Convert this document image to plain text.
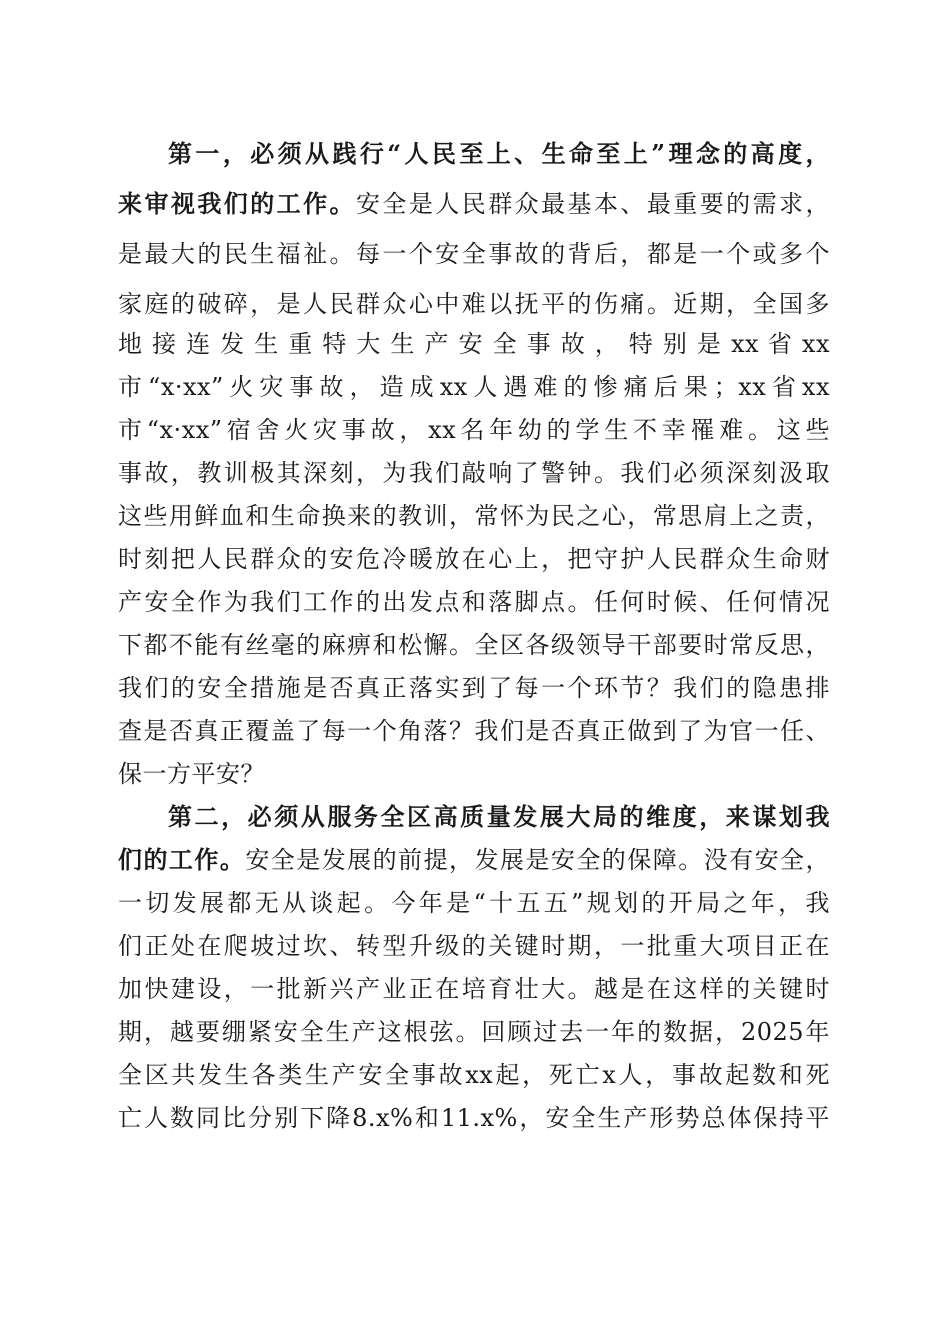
第一，必须从践行“人民至上、生命至上”理念的高度，
来审视我们的工作。安全是人民群众最基本、最重要的需求，
是最大的民生福祉。每一个安全事故的背后，都是一个或多个
家庭的破碎，是人民群众心中难以抚平的伤痛。近期，全国多
地 接 连 发 生 重 特 大 生 产 安 全 事 故 ， 特 别 是 xx 省 xx
市“x·xx”火灾事故，造成xx人遇难的惨痛后果；xx省xx
市“x·xx”宿舍火灾事故，xx名年幼的学生不幸罹难。这些
事故，教训极其深刻，为我们敲响了警钟。我们必须深刻汲取
这些用鲜血和生命换来的教训，常怀为民之心，常思肩上之责，
时刻把人民群众的安危冷暖放在心上，把守护人民群众生命财
产安全作为我们工作的出发点和落脚点。任何时候、任何情况
下都不能有丝毫的麻痹和松懈。全区各级领导干部要时常反思，
我们的安全措施是否真正落实到了每一个环节？我们的隐患排
查是否真正覆盖了每一个角落？我们是否真正做到了为官一任、
保一方平安？
第二，必须从服务全区高质量发展大局的维度，来谋划我
们的工作。安全是发展的前提，发展是安全的保障。没有安全，
一切发展都无从谈起。今年是“十五五”规划的开局之年，我
们正处在爬坡过坎、转型升级的关键时期，一批重大项目正在
加快建设，一批新兴产业正在培育壮大。越是在这样的关键时
期，越要绷紧安全生产这根弦。回顾过去一年的数据，2025年
全区共发生各类生产安全事故xx起，死亡x人，事故起数和死
亡人数同比分别下降8.x%和11.x%，安全生产形势总体保持平
